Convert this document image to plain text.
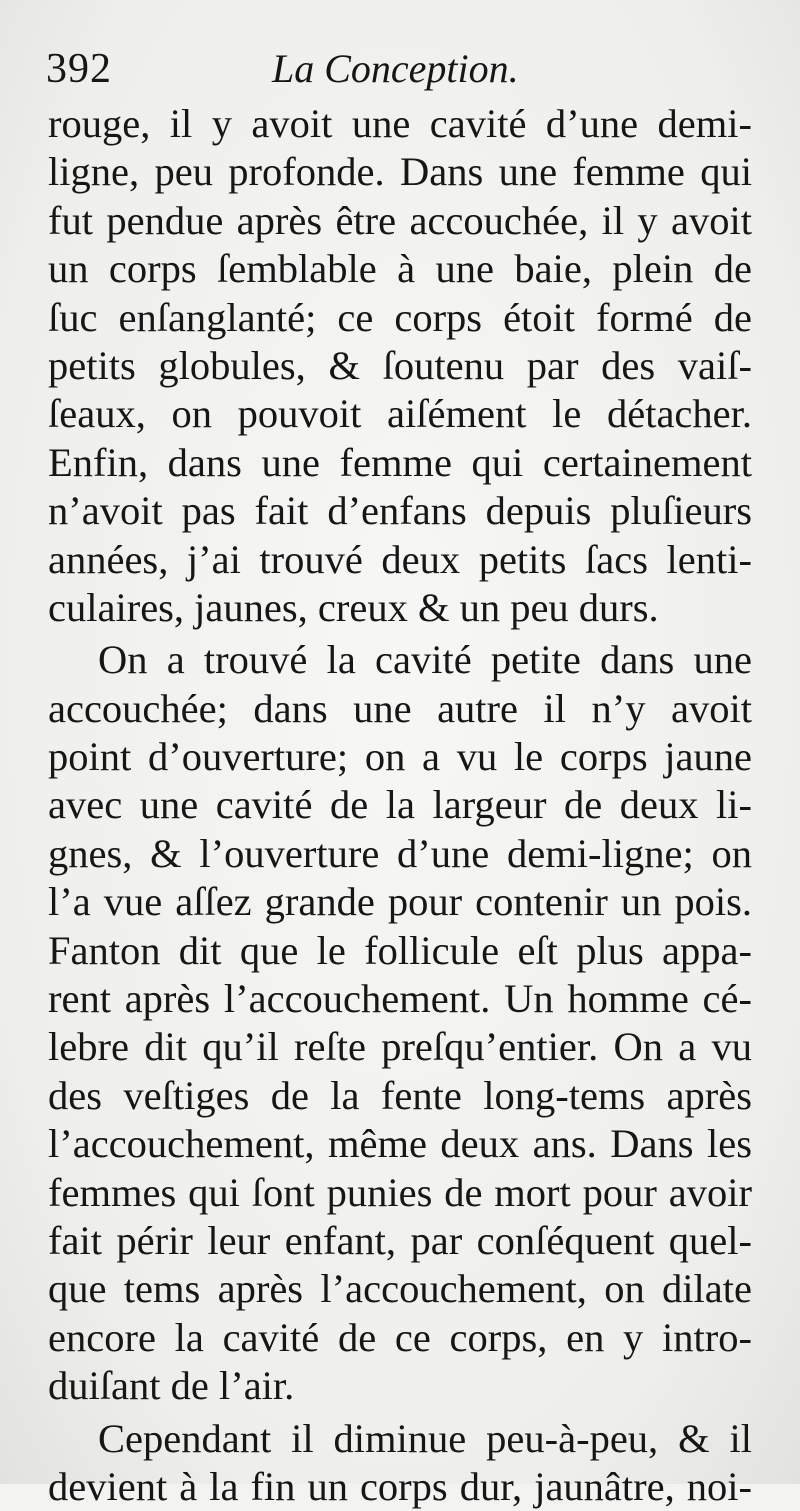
392	La Conception.
rouge, il y avoit une cavité d’une demi-
ligne, peu profonde. Dans une femme qui
fut pendue après être accouchée, il y avoit
un corps ſemblable à une baie, plein de
ſuc enſanglanté; ce corps étoit formé de
petits globules, & ſoutenu par des vaiſ-
ſeaux, on pouvoit aiſément le détacher.
Enfin, dans une femme qui certainement
n’avoit pas fait d’enfans depuis pluſieurs
années, j’ai trouvé deux petits ſacs lenti-
culaires, jaunes, creux & un peu durs.
On a trouvé la cavité petite dans une
accouchée; dans une autre il n’y avoit
point d’ouverture; on a vu le corps jaune
avec une cavité de la largeur de deux li-
gnes, & l’ouverture d’une demi-ligne; on
l’a vue aſſez grande pour contenir un pois.
Fanton dit que le follicule eſt plus appa-
rent après l’accouchement. Un homme cé-
lebre dit qu’il reſte preſqu’entier. On a vu
des veſtiges de la fente long-tems après
l’accouchement, même deux ans. Dans les
femmes qui ſont punies de mort pour avoir
fait périr leur enfant, par conſéquent quel-
que tems après l’accouchement, on dilate
encore la cavité de ce corps, en y intro-
duiſant de l’air.
Cependant il diminue peu-à-peu, & il
devient à la fin un corps dur, jaunâtre, noi-
